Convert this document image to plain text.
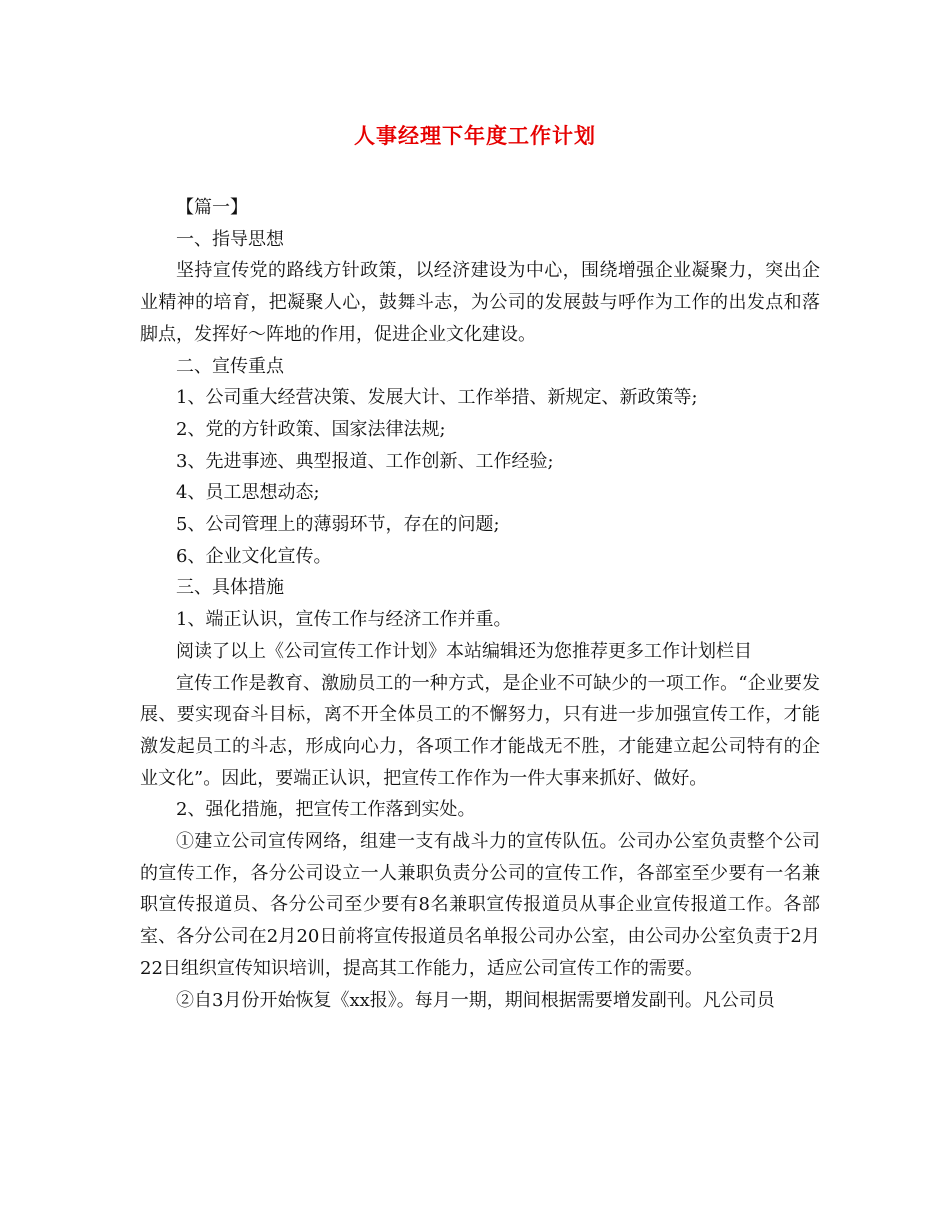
人事经理下年度工作计划

【篇一】

一、指导思想

坚持宣传党的路线方针政策，以经济建设为中心，围绕增强企业凝聚力，突出企业精神的培育，把凝聚人心，鼓舞斗志，为公司的发展鼓与呼作为工作的出发点和落脚点，发挥好～阵地的作用，促进企业文化建设。

二、宣传重点

1、公司重大经营决策、发展大计、工作举措、新规定、新政策等;

2、党的方针政策、国家法律法规;

3、先进事迹、典型报道、工作创新、工作经验;

4、员工思想动态;

5、公司管理上的薄弱环节，存在的问题;

6、企业文化宣传。

三、具体措施

1、端正认识，宣传工作与经济工作并重。

阅读了以上《公司宣传工作计划》本站编辑还为您推荐更多工作计划栏目

宣传工作是教育、激励员工的一种方式，是企业不可缺少的一项工作。“企业要发展、要实现奋斗目标，离不开全体员工的不懈努力，只有进一步加强宣传工作，才能激发起员工的斗志，形成向心力，各项工作才能战无不胜，才能建立起公司特有的企业文化”。因此，要端正认识，把宣传工作作为一件大事来抓好、做好。

2、强化措施，把宣传工作落到实处。

①建立公司宣传网络，组建一支有战斗力的宣传队伍。公司办公室负责整个公司的宣传工作，各分公司设立一人兼职负责分公司的宣传工作，各部室至少要有一名兼职宣传报道员、各分公司至少要有8名兼职宣传报道员从事企业宣传报道工作。各部室、各分公司在2月20日前将宣传报道员名单报公司办公室，由公司办公室负责于2月22日组织宣传知识培训，提高其工作能力，适应公司宣传工作的需要。

②自3月份开始恢复《xx报》。每月一期，期间根据需要增发副刊。凡公司员
